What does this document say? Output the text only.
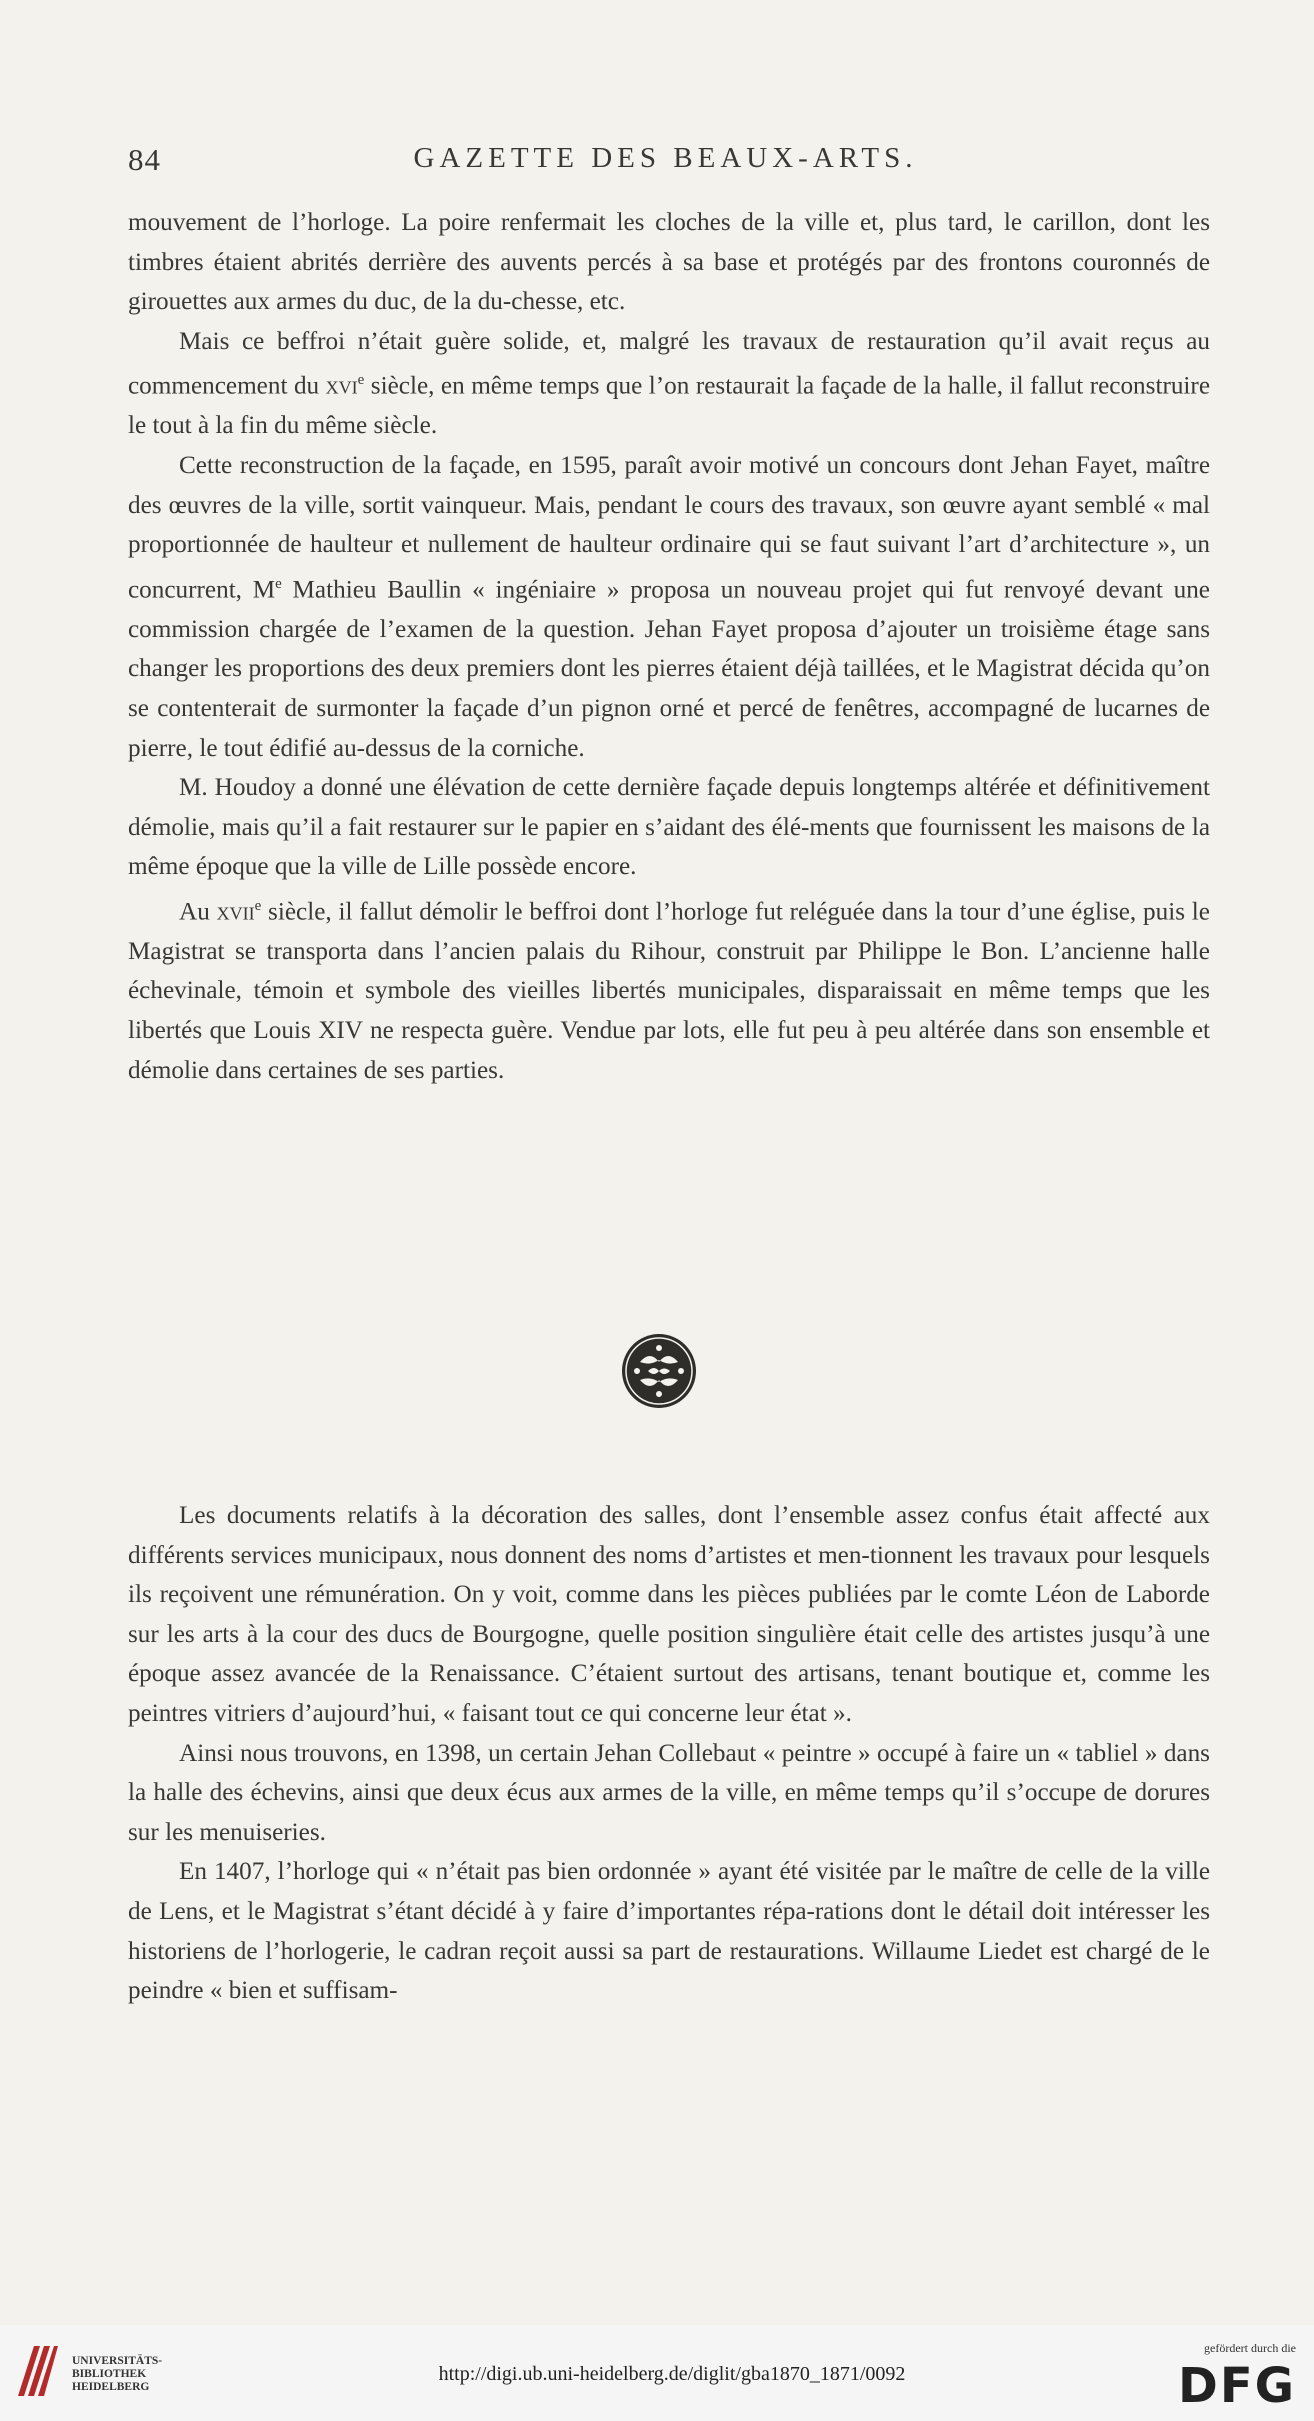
84	GAZETTE DES BEAUX-ARTS.

mouvement de l’horloge. La poire renfermait les cloches de la ville et, plus tard, le carillon, dont les timbres étaient abrités derrière des auvents percés à sa base et protégés par des frontons couronnés de girouettes aux armes du duc, de la du-chesse, etc.

Mais ce beffroi n’était guère solide, et, malgré les travaux de restauration qu’il avait reçus au commencement du xvi$^e$ siècle, en même temps que l’on restaurait la façade de la halle, il fallut reconstruire le tout à la fin du même siècle.

Cette reconstruction de la façade, en 1595, paraît avoir motivé un concours dont Jehan Fayet, maître des œuvres de la ville, sortit vainqueur. Mais, pendant le cours des travaux, son œuvre ayant semblé « mal proportionnée de haulteur et nullement de haulteur ordinaire qui se faut suivant l’art d’architecture », un concurrent, Me Mathieu Baullin « ingéniaire » proposa un nouveau projet qui fut renvoyé devant une commission chargée de l’examen de la question. Jehan Fayet proposa d’ajouter un troisième étage sans changer les proportions des deux premiers dont les pierres étaient déjà taillées, et le Magistrat décida qu’on se contenterait de surmonter la façade d’un pignon orné et percé de fenêtres, accompagné de lucarnes de pierre, le tout édifié au-dessus de la corniche.

M. Houdoy a donné une élévation de cette dernière façade depuis longtemps altérée et définitivement démolie, mais qu’il a fait restaurer sur le papier en s’aidant des élé-ments que fournissent les maisons de la même époque que la ville de Lille possède encore.

Au xvii$^e$ siècle, il fallut démolir le beffroi dont l’horloge fut reléguée dans la tour d’une église, puis le Magistrat se transporta dans l’ancien palais du Rihour, construit par Philippe le Bon. L’ancienne halle échevinale, témoin et symbole des vieilles libertés municipales, disparaissait en même temps que les libertés que Louis XIV ne respecta guère. Vendue par lots, elle fut peu à peu altérée dans son ensemble et démolie dans certaines de ses parties.

Les documents relatifs à la décoration des salles, dont l’ensemble assez confus était affecté aux différents services municipaux, nous donnent des noms d’artistes et men-tionnent les travaux pour lesquels ils reçoivent une rémunération. On y voit, comme dans les pièces publiées par le comte Léon de Laborde sur les arts à la cour des ducs de Bourgogne, quelle position singulière était celle des artistes jusqu’à une époque assez avancée de la Renaissance. C’étaient surtout des artisans, tenant boutique et, comme les peintres vitriers d’aujourd’hui, « faisant tout ce qui concerne leur état ».

Ainsi nous trouvons, en 1398, un certain Jehan Collebaut « peintre » occupé à faire un « tabliel » dans la halle des échevins, ainsi que deux écus aux armes de la ville, en même temps qu’il s’occupe de dorures sur les menuiseries.

En 1407, l’horloge qui « n’était pas bien ordonnée » ayant été visitée par le maître de celle de la ville de Lens, et le Magistrat s’étant décidé à y faire d’importantes répa-rations dont le détail doit intéresser les historiens de l’horlogerie, le cadran reçoit aussi sa part de restaurations. Willaume Liedet est chargé de le peindre « bien et suffisam-

UNIVERSITÄTS-
BIBLIOTHEK
HEIDELBERG
http://digi.ub.uni-heidelberg.de/diglit/gba1870_1871/0092
gefördert durch die
DFG
